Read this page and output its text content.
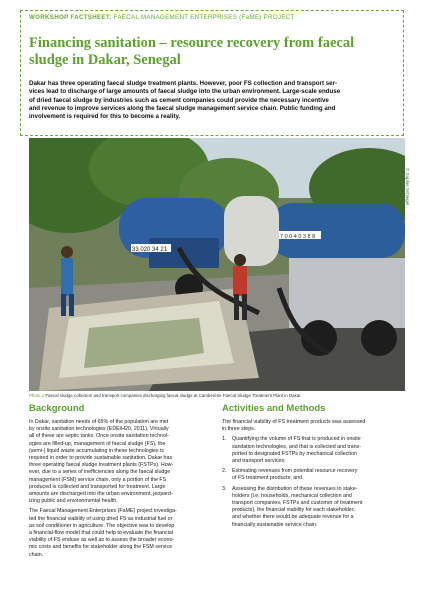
WORKSHOP FACTSHEET: FAECAL MANAGEMENT ENTERPRISES (FaME) PROJECT
Financing sanitation – resource recovery from faecal
sludge in Dakar, Senegal
Dakar has three operating faecal sludge treatment plants. However, poor FS collection and transport ser-
vices lead to discharge of large amounts of faecal sludge into the urban environment. Large-scale enduse
of dried faecal sludge by industries such as cement companies could provide the necessary incentive
and revenue to improve services along the faecal sludge management service chain. Public funding and
involvement is required for this to become a reality.
33 020 34 21
7 0 0 4 0 3 8 8
© Sophie Schlegel
Photo 1 Faecal sludge collection and transport companies discharging faecal sludge at Cambérène Faecal Sludge Treatment Plant in Dakar.
Background
In Dakar, sanitation needs of 65% of the population are met
by onsite sanitation technologies (EDE/H20, 2011). Virtually
all of these are septic tanks. Once onsite sanitation technol-
ogies are filled-up, management of faecal sludge (FS), the
(semi-) liquid waste accumulating in these technologies is
required in order to provide sustainable sanitation. Dakar has
three operating faecal sludge treatment plants (FSTPs). How-
ever, due to a series of inefficiencies along the faecal sludge
management (FSM) service chain, only a portion of the FS
produced is collected and transported for treatment. Large
amounts are discharged into the urban environment, jeopard-
izing public and environmental health.
The Faecal Management Enterprises (FaME) project investiga-
ted the financial viability of using dried FS as industrial fuel or
as soil conditioner in agriculture. The objective was to develop
a financial-flow model that could help to evaluate the financial
viability of FS enduse as well as to assess the broader econo-
mic costs and benefits for stakeholder along the FSM service
chain.
Activities and Methods
The financial viability of FS treatment products was assessed
in three steps.
1. Quantifying the volume of FS that is produced in onsite
sanitation technologies, and that is collected and trans-
ported to designated FSTPs by mechanical collection
and transport services;
2. Estimating revenues from potential resource recovery
of FS treatment products; and
3. Assessing the distribution of these revenues to stake-
holders (i.e. households, mechanical collection and
transport companies, FSTPs and customer of treatment
products), the financial viability for each stakeholder,
and whether there would be adequate revenue for a
financially sustainable service chain.
